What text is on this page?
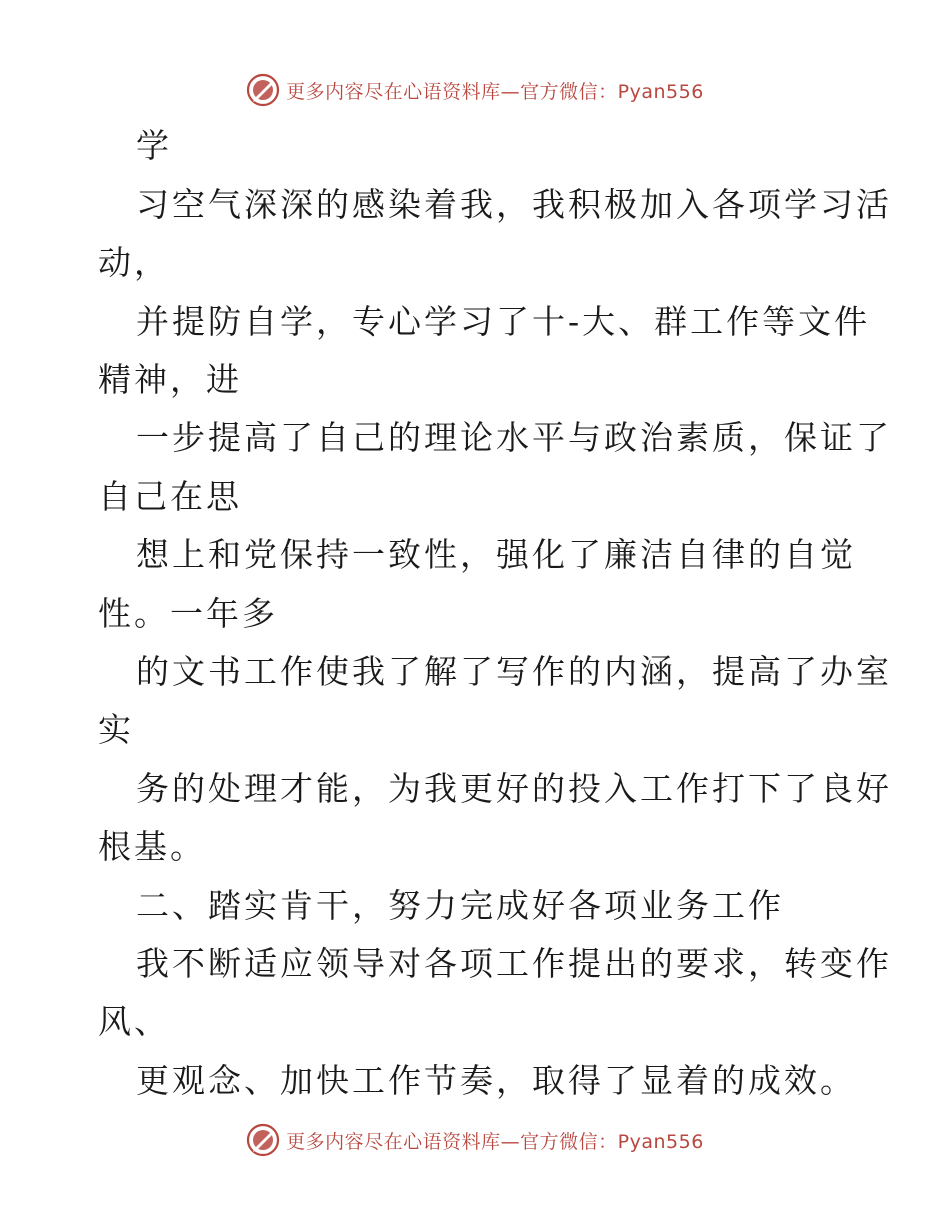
更多内容尽在心语资料库—官方微信：Pyan556
学
习空气深深的感染着我，我积极加入各项学习活
动，
并提防自学，专心学习了十-大、群工作等文件
精神，进
一步提高了自己的理论水平与政治素质，保证了
自己在思
想上和党保持一致性，强化了廉洁自律的自觉
性。一年多
的文书工作使我了解了写作的内涵，提高了办室
实
务的处理才能，为我更好的投入工作打下了良好
根基。
二、踏实肯干，努力完成好各项业务工作
我不断适应领导对各项工作提出的要求，转变作
风、
更观念、加快工作节奏，取得了显着的成效。
更多内容尽在心语资料库—官方微信：Pyan556
